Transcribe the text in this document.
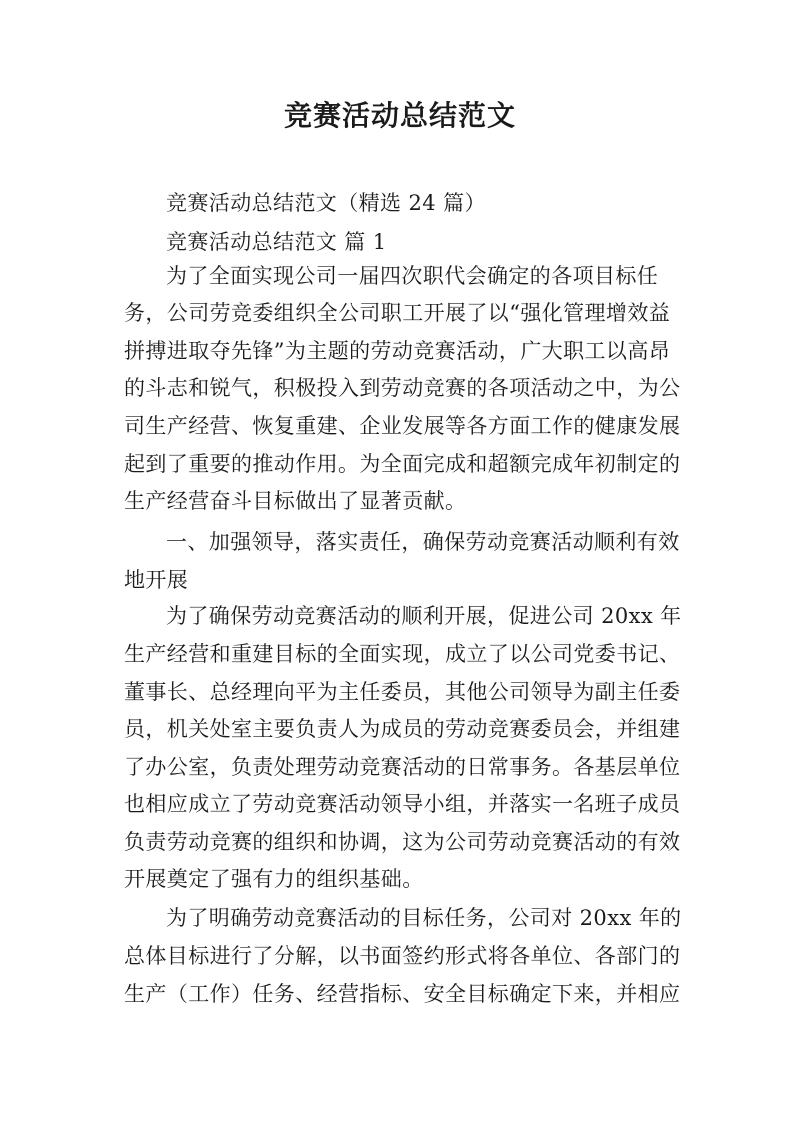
竞赛活动总结范文
竞赛活动总结范文（精选 24 篇）
竞赛活动总结范文 篇 1
为了全面实现公司一届四次职代会确定的各项目标任
务，公司劳竞委组织全公司职工开展了以“强化管理增效益
拼搏进取夺先锋”为主题的劳动竞赛活动，广大职工以高昂
的斗志和锐气，积极投入到劳动竞赛的各项活动之中，为公
司生产经营、恢复重建、企业发展等各方面工作的健康发展
起到了重要的推动作用。为全面完成和超额完成年初制定的
生产经营奋斗目标做出了显著贡献。
一、加强领导，落实责任，确保劳动竞赛活动顺利有效
地开展
为了确保劳动竞赛活动的顺利开展，促进公司 20xx 年
生产经营和重建目标的全面实现，成立了以公司党委书记、
董事长、总经理向平为主任委员，其他公司领导为副主任委
员，机关处室主要负责人为成员的劳动竞赛委员会，并组建
了办公室，负责处理劳动竞赛活动的日常事务。各基层单位
也相应成立了劳动竞赛活动领导小组，并落实一名班子成员
负责劳动竞赛的组织和协调，这为公司劳动竞赛活动的有效
开展奠定了强有力的组织基础。
为了明确劳动竞赛活动的目标任务，公司对 20xx 年的
总体目标进行了分解，以书面签约形式将各单位、各部门的
生产（工作）任务、经营指标、安全目标确定下来，并相应
